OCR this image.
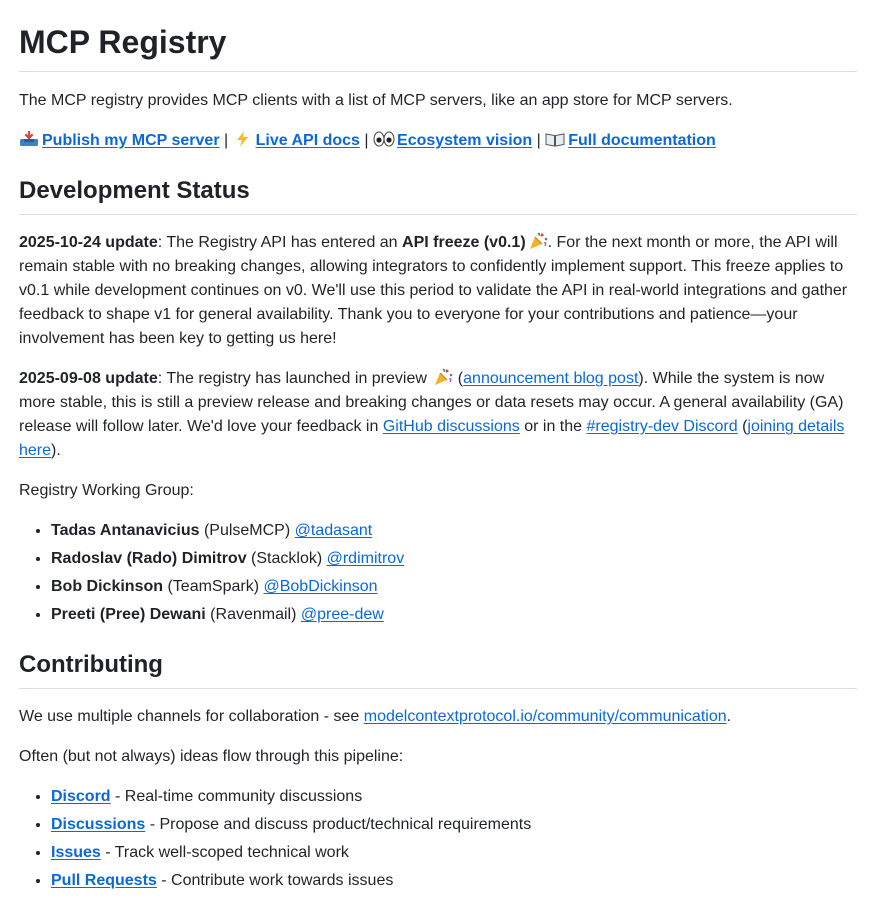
MCP Registry

The MCP registry provides MCP clients with a list of MCP servers, like an app store for MCP servers.

Publish my MCP server | Live API docs | Ecosystem vision | Full documentation

Development Status

2025-10-24 update: The Registry API has entered an API freeze (v0.1) . For the next month or more, the API will remain stable with no breaking changes, allowing integrators to confidently implement support. This freeze applies to v0.1 while development continues on v0. We'll use this period to validate the API in real-world integrations and gather feedback to shape v1 for general availability. Thank you to everyone for your contributions and patience—your involvement has been key to getting us here!

2025-09-08 update: The registry has launched in preview  (announcement blog post). While the system is now more stable, this is still a preview release and breaking changes or data resets may occur. A general availability (GA) release will follow later. We'd love your feedback in GitHub discussions or in the #registry-dev Discord (joining details here).

Registry Working Group:

• Tadas Antanavicius (PulseMCP) @tadasant
• Radoslav (Rado) Dimitrov (Stacklok) @rdimitrov
• Bob Dickinson (TeamSpark) @BobDickinson
• Preeti (Pree) Dewani (Ravenmail) @pree-dew
Contributing

We use multiple channels for collaboration - see modelcontextprotocol.io/community/communication.

Often (but not always) ideas flow through this pipeline:

• Discord - Real-time community discussions
• Discussions - Propose and discuss product/technical requirements
• Issues - Track well-scoped technical work
• Pull Requests - Contribute work towards issues
